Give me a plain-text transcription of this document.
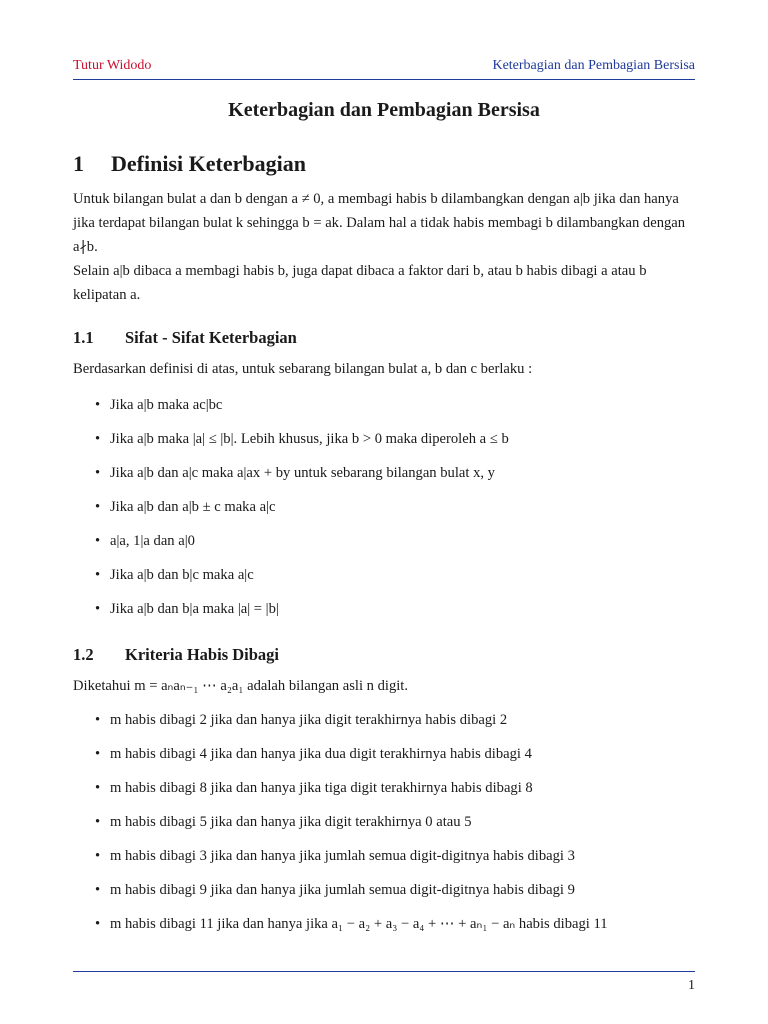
Tutur Widodo	Keterbagian dan Pembagian Bersisa
Keterbagian dan Pembagian Bersisa
1 Definisi Keterbagian

Untuk bilangan bulat a dan b dengan a ≠ 0, a membagi habis b dilambangkan dengan a|b jika dan hanya jika terdapat bilangan bulat k sehingga b = ak. Dalam hal a tidak habis membagi b dilambangkan dengan a∤b.

Selain a|b dibaca a membagi habis b, juga dapat dibaca a faktor dari b, atau b habis dibagi a atau b kelipatan a.

1.1 Sifat - Sifat Keterbagian

Berdasarkan definisi di atas, untuk sebarang bilangan bulat a, b dan c berlaku :

• Jika a|b maka ac|bc
• Jika a|b maka |a| ≤ |b|. Lebih khusus, jika b > 0 maka diperoleh a ≤ b
• Jika a|b dan a|c maka a|ax + by untuk sebarang bilangan bulat x, y
• Jika a|b dan a|b ± c maka a|c
• a|a, 1|a dan a|0
• Jika a|b dan b|c maka a|c
• Jika a|b dan b|a maka |a| = |b|
1.2 Kriteria Habis Dibagi

Diketahui m = aₙaₙ₋₁ ⋯ a₂a₁ adalah bilangan asli n digit.

• m habis dibagi 2 jika dan hanya jika digit terakhirnya habis dibagi 2
• m habis dibagi 4 jika dan hanya jika dua digit terakhirnya habis dibagi 4
• m habis dibagi 8 jika dan hanya jika tiga digit terakhirnya habis dibagi 8
• m habis dibagi 5 jika dan hanya jika digit terakhirnya 0 atau 5
• m habis dibagi 3 jika dan hanya jika jumlah semua digit-digitnya habis dibagi 3
• m habis dibagi 9 jika dan hanya jika jumlah semua digit-digitnya habis dibagi 9
• m habis dibagi 11 jika dan hanya jika a₁ − a₂ + a₃ − a₄ + ⋯ + aₙ₁ − aₙ habis dibagi 11
1
